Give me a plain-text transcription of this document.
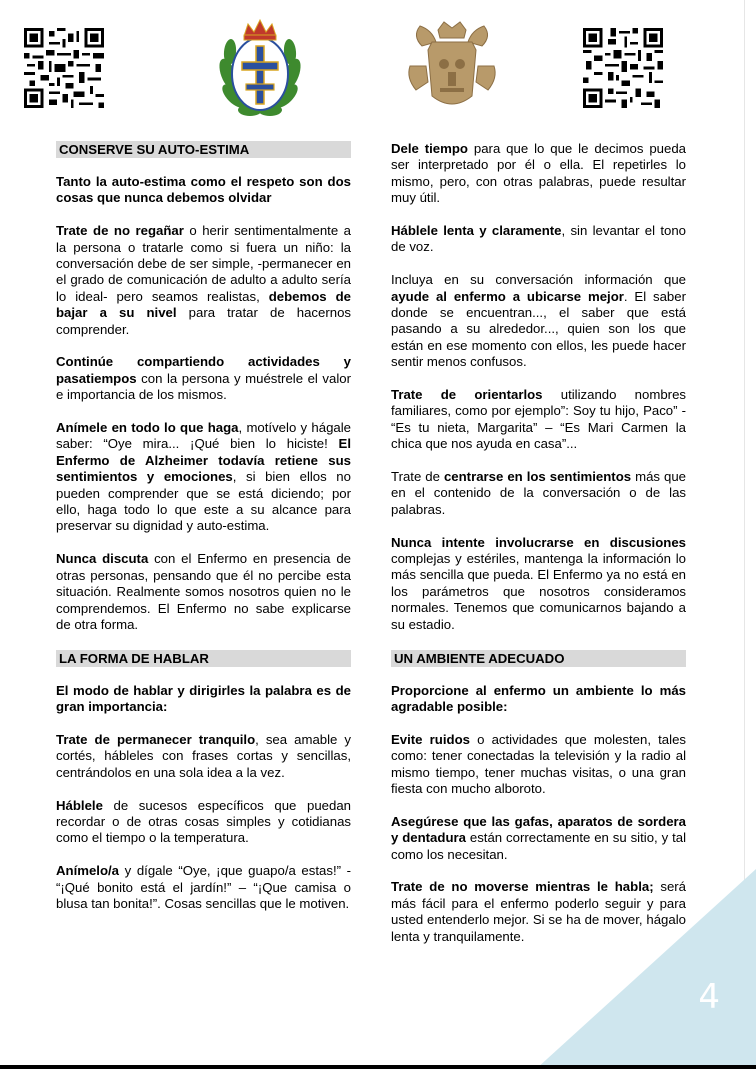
4
CONSERVE SU AUTO-ESTIMA

Tanto la auto-estima como el respeto son dos cosas que nunca debemos olvidar

Trate de no regañar o herir sentimentalmente a la persona o tratarle como si fuera un niño: la conversación debe de ser simple, -permanecer en el grado de comunicación de adulto a adulto sería lo ideal- pero seamos realistas, debemos de bajar a su nivel para tratar de hacernos comprender.

Continúe compartiendo actividades y pasatiempos con la persona y muéstrele el valor e importancia de los mismos.

Anímele en todo lo que haga, motívelo y hágale saber: “Oye mira... ¡Qué bien lo hiciste! El Enfermo de Alzheimer todavía retiene sus sentimientos y emociones, si bien ellos no pueden comprender que se está diciendo; por ello, haga todo lo que este a su alcance para preservar su dignidad y auto-estima.

Nunca discuta con el Enfermo en presencia de otras personas, pensando que él no percibe esta situación. Realmente somos nosotros quien no le comprendemos. El Enfermo no sabe explicarse de otra forma.

LA FORMA DE HABLAR

El modo de hablar y dirigirles la palabra es de gran importancia:

Trate de permanecer tranquilo, sea amable y cortés, hábleles con frases cortas y sencillas, centrándolos en una sola idea a la vez.

Háblele de sucesos específicos que puedan recordar o de otras cosas simples y cotidianas como el tiempo o la temperatura.

Anímelo/a y dígale “Oye, ¡que guapo/a estas!” - “¡Qué bonito está el jardín!” – “¡Que camisa o blusa tan bonita!”. Cosas sencillas que le motiven.

Dele tiempo para que lo que le decimos pueda ser interpretado por él o ella. El repetirles lo mismo, pero, con otras palabras, puede resultar muy útil.

Háblele lenta y claramente, sin levantar el tono de voz.

Incluya en su conversación información que ayude al enfermo a ubicarse mejor. El saber donde se encuentran..., el saber que está pasando a su alrededor..., quien son los que están en ese momento con ellos, les puede hacer sentir menos confusos.

Trate de orientarlos utilizando nombres familiares, como por ejemplo”: Soy tu hijo, Paco” - “Es tu nieta, Margarita” – “Es Mari Carmen la chica que nos ayuda en casa”...

Trate de centrarse en los sentimientos más que en el contenido de la conversación o de las palabras.

Nunca intente involucrarse en discusiones complejas y estériles, mantenga la información lo más sencilla que pueda. El Enfermo ya no está en los parámetros que nosotros consideramos normales. Tenemos que comunicarnos bajando a su estadio.

UN AMBIENTE ADECUADO

Proporcione al enfermo un ambiente lo más agradable posible:

Evite ruidos o actividades que molesten, tales como: tener conectadas la televisión y la radio al mismo tiempo, tener muchas visitas, o una gran fiesta con mucho alboroto.

Asegúrese que las gafas, aparatos de sordera y dentadura están correctamente en su sitio, y tal como los necesitan.

Trate de no moverse mientras le habla; será más fácil para el enfermo poderlo seguir y para usted entenderlo mejor. Si se ha de mover, hágalo lenta y tranquilamente.
